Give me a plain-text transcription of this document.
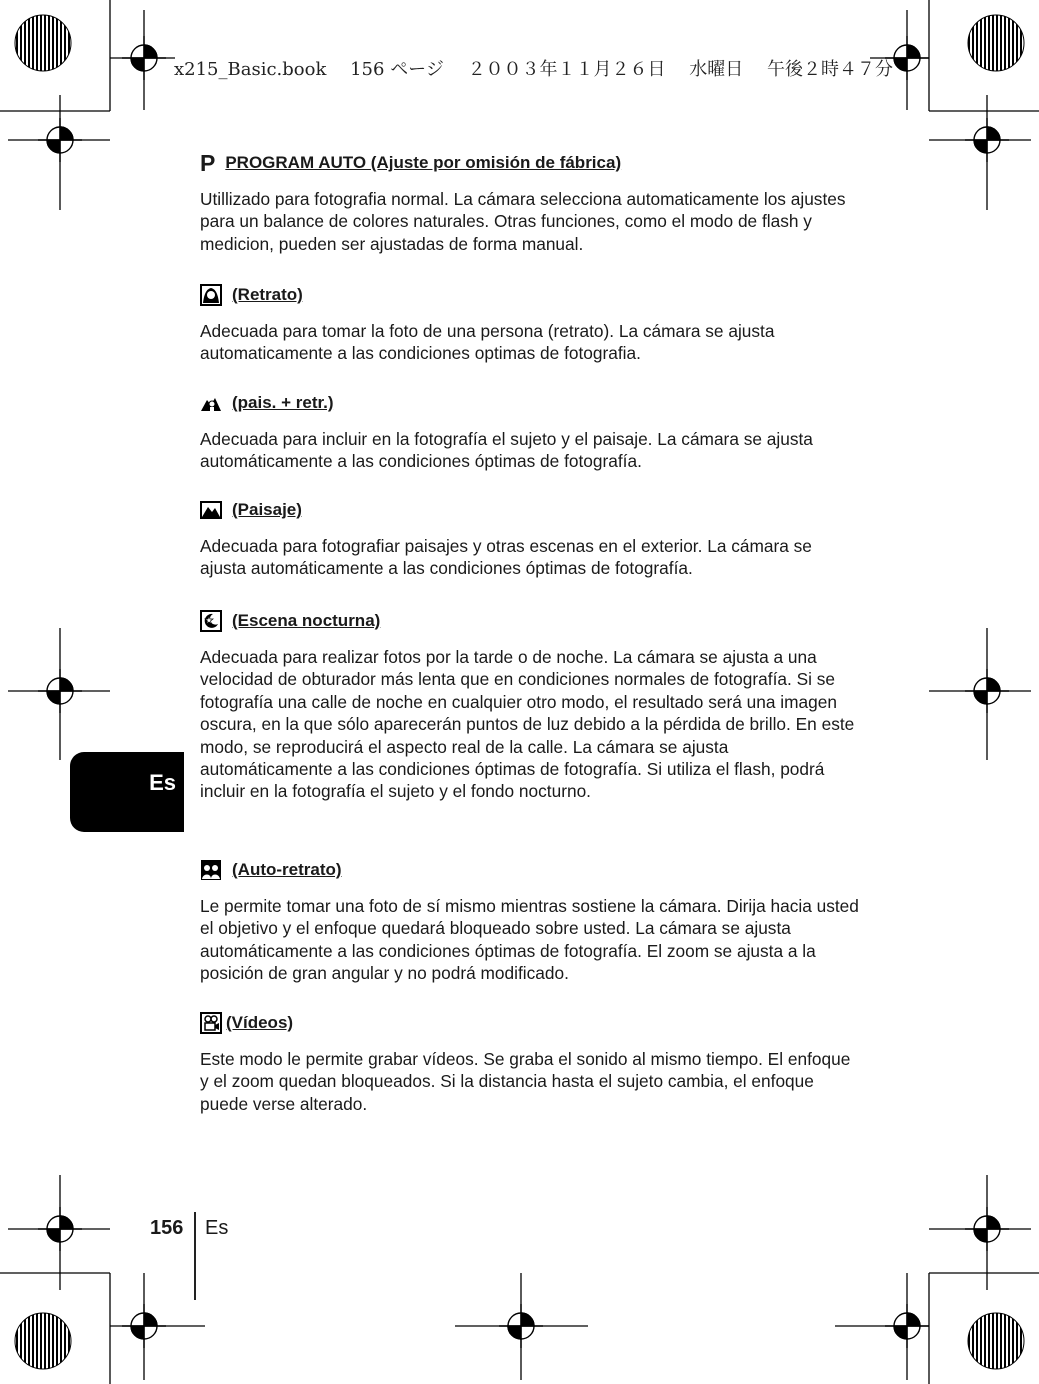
x215_Basic.book 156 ページ ２００３年１１月２６日 水曜日 午後２時４７分
P PROGRAM AUTO (Ajuste por omisión de fábrica)
Utillizado para fotografia normal. La cámara selecciona automaticamente los ajustes para un balance de colores naturales. Otras funciones, como el modo de flash y medicion, pueden ser ajustadas de forma manual.
(Retrato)
Adecuada para tomar la foto de una persona (retrato). La cámara se ajusta automaticamente a las condiciones optimas de fotografia.
(pais. + retr.)
Adecuada para incluir en la fotografía el sujeto y el paisaje. La cámara se ajusta automáticamente a las condiciones óptimas de fotografía.
(Paisaje)
Adecuada para fotografiar paisajes y otras escenas en el exterior. La cámara se ajusta automáticamente a las condiciones óptimas de fotografía.
(Escena nocturna)
Adecuada para realizar fotos por la tarde o de noche. La cámara se ajusta a una velocidad de obturador más lenta que en condiciones normales de fotografía. Si se fotografía una calle de noche en cualquier otro modo, el resultado será una imagen oscura, en la que sólo aparecerán puntos de luz debido a la pérdida de brillo. En este modo, se reproducirá el aspecto real de la calle. La cámara se ajusta automáticamente a las condiciones óptimas de fotografía. Si utiliza el flash, podrá incluir en la fotografía el sujeto y el fondo nocturno.
(Auto-retrato)
Le permite tomar una foto de sí mismo mientras sostiene la cámara. Dirija hacia usted el objetivo y el enfoque quedará bloqueado sobre usted. La cámara se ajusta automáticamente a las condiciones óptimas de fotografía. El zoom se ajusta a la posición de gran angular y no podrá modificado.
(Vídeos)
Este modo le permite grabar vídeos. Se graba el sonido al mismo tiempo. El enfoque y el zoom quedan bloqueados. Si la distancia hasta el sujeto cambia, el enfoque puede verse alterado.
Es
156 Es
